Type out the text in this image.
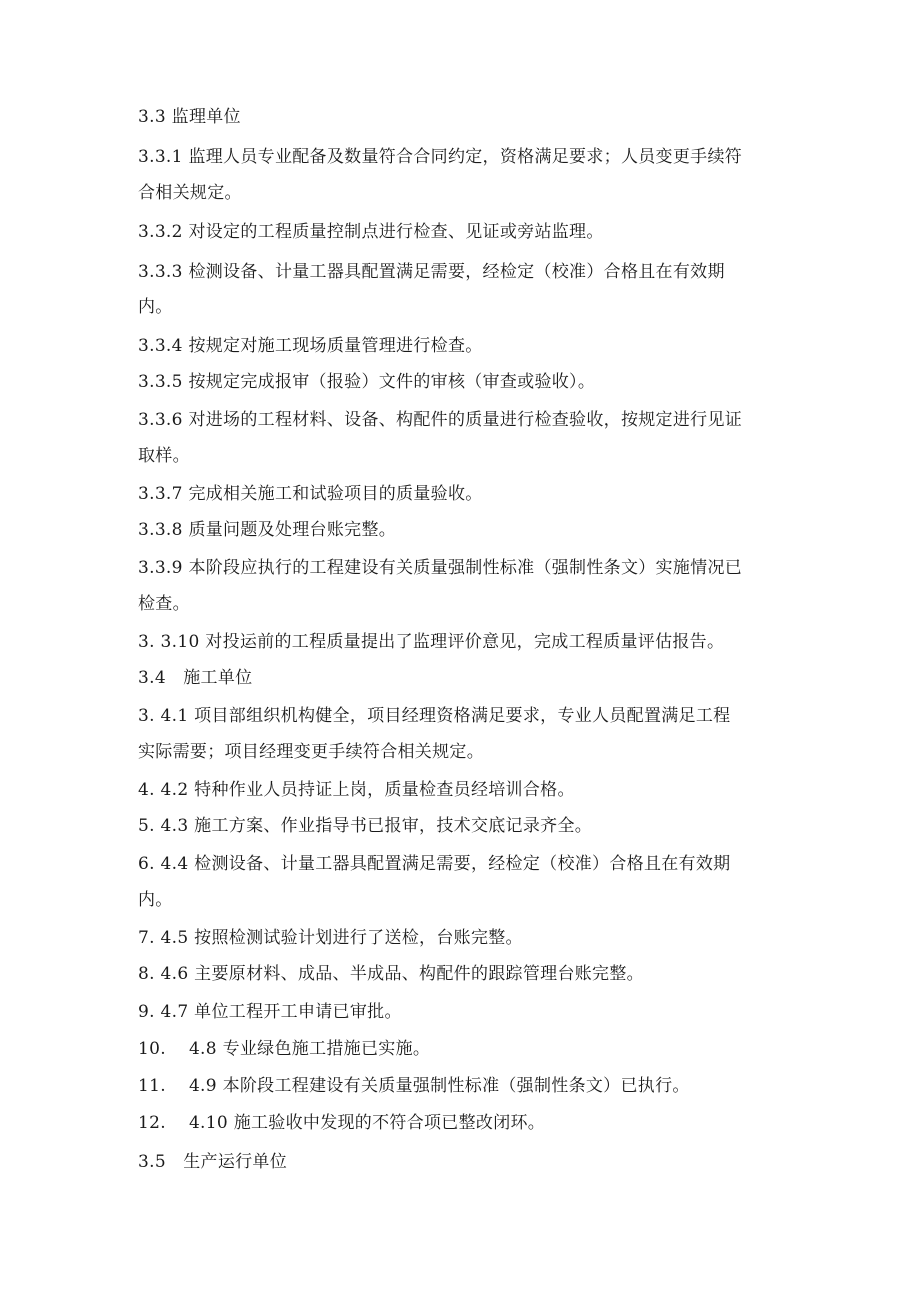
3.3 监理单位
3.3.1 监理人员专业配备及数量符合合同约定，资格满足要求；人员变更手续符
合相关规定。
3.3.2 对设定的工程质量控制点进行检查、见证或旁站监理。
3.3.3 检测设备、计量工器具配置满足需要，经检定（校准）合格且在有效期
内。
3.3.4 按规定对施工现场质量管理进行检查。
3.3.5 按规定完成报审（报验）文件的审核（审查或验收）。
3.3.6 对进场的工程材料、设备、构配件的质量进行检查验收，按规定进行见证
取样。
3.3.7 完成相关施工和试验项目的质量验收。
3.3.8 质量问题及处理台账完整。
3.3.9 本阶段应执行的工程建设有关质量强制性标准（强制性条文）实施情况已
检查。
3. 3.10 对投运前的工程质量提出了监理评价意见，完成工程质量评估报告。
3.4　施工单位
3. 4.1 项目部组织机构健全，项目经理资格满足要求，专业人员配置满足工程
实际需要；项目经理变更手续符合相关规定。
4. 4.2 特种作业人员持证上岗，质量检查员经培训合格。
5. 4.3 施工方案、作业指导书已报审，技术交底记录齐全。
6. 4.4 检测设备、计量工器具配置满足需要，经检定（校准）合格且在有效期
内。
7. 4.5 按照检测试验计划进行了送检，台账完整。
8. 4.6 主要原材料、成品、半成品、构配件的跟踪管理台账完整。
9. 4.7 单位工程开工申请已审批。
10.　 4.8 专业绿色施工措施已实施。
11.　 4.9 本阶段工程建设有关质量强制性标准（强制性条文）已执行。
12.　 4.10 施工验收中发现的不符合项已整改闭环。
3.5　生产运行单位
